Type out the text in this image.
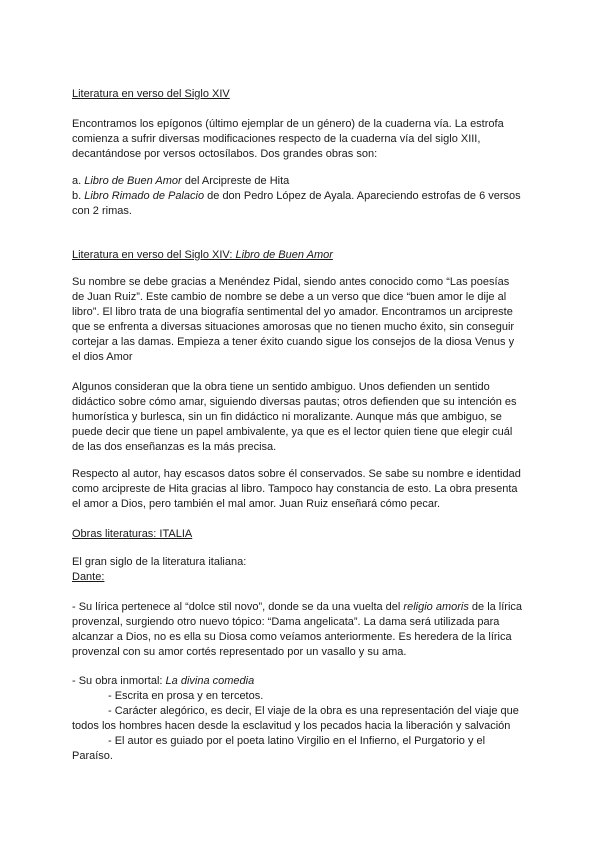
Literatura en verso del Siglo XIV

Encontramos los epígonos (último ejemplar de un género) de la cuaderna vía. La estrofa
comienza a sufrir diversas modificaciones respecto de la cuaderna vía del siglo XIII,
decantándose por versos octosílabos. Dos grandes obras son:

a. Libro de Buen Amor del Arcipreste de Hita
b. Libro Rimado de Palacio de don Pedro López de Ayala. Apareciendo estrofas de 6 versos
con 2 rimas.

Literatura en verso del Siglo XIV: Libro de Buen Amor

Su nombre se debe gracias a Menéndez Pidal, siendo antes conocido como “Las poesías
de Juan Ruiz”. Este cambio de nombre se debe a un verso que dice “buen amor le dije al
libro”. El libro trata de una biografía sentimental del yo amador. Encontramos un arcipreste
que se enfrenta a diversas situaciones amorosas que no tienen mucho éxito, sin conseguir
cortejar a las damas. Empieza a tener éxito cuando sigue los consejos de la diosa Venus y
el dios Amor

Algunos consideran que la obra tiene un sentido ambiguo. Unos defienden un sentido
didáctico sobre cómo amar, siguiendo diversas pautas; otros defienden que su intención es
humorística y burlesca, sin un fin didáctico ni moralizante. Aunque más que ambiguo, se
puede decir que tiene un papel ambivalente, ya que es el lector quien tiene que elegir cuál
de las dos enseñanzas es la más precisa.

Respecto al autor, hay escasos datos sobre él conservados. Se sabe su nombre e identidad
como arcipreste de Hita gracias al libro. Tampoco hay constancia de esto. La obra presenta
el amor a Dios, pero también el mal amor. Juan Ruiz enseñará cómo pecar.

Obras literaturas: ITALIA

El gran siglo de la literatura italiana:
Dante:

- Su lírica pertenece al “dolce stil novo”, donde se da una vuelta del religio amoris de la lírica
provenzal, surgiendo otro nuevo tópico: “Dama angelicata”. La dama será utilizada para
alcanzar a Dios, no es ella su Diosa como veíamos anteriormente. Es heredera de la lírica
provenzal con su amor cortés representado por un vasallo y su ama.

- Su obra inmortal: La divina comedia
- Escrita en prosa y en tercetos.
- Carácter alegórico, es decir, El viaje de la obra es una representación del viaje que
todos los hombres hacen desde la esclavitud y los pecados hacia la liberación y salvación
- El autor es guiado por el poeta latino Virgilio en el Infierno, el Purgatorio y el
Paraíso.
